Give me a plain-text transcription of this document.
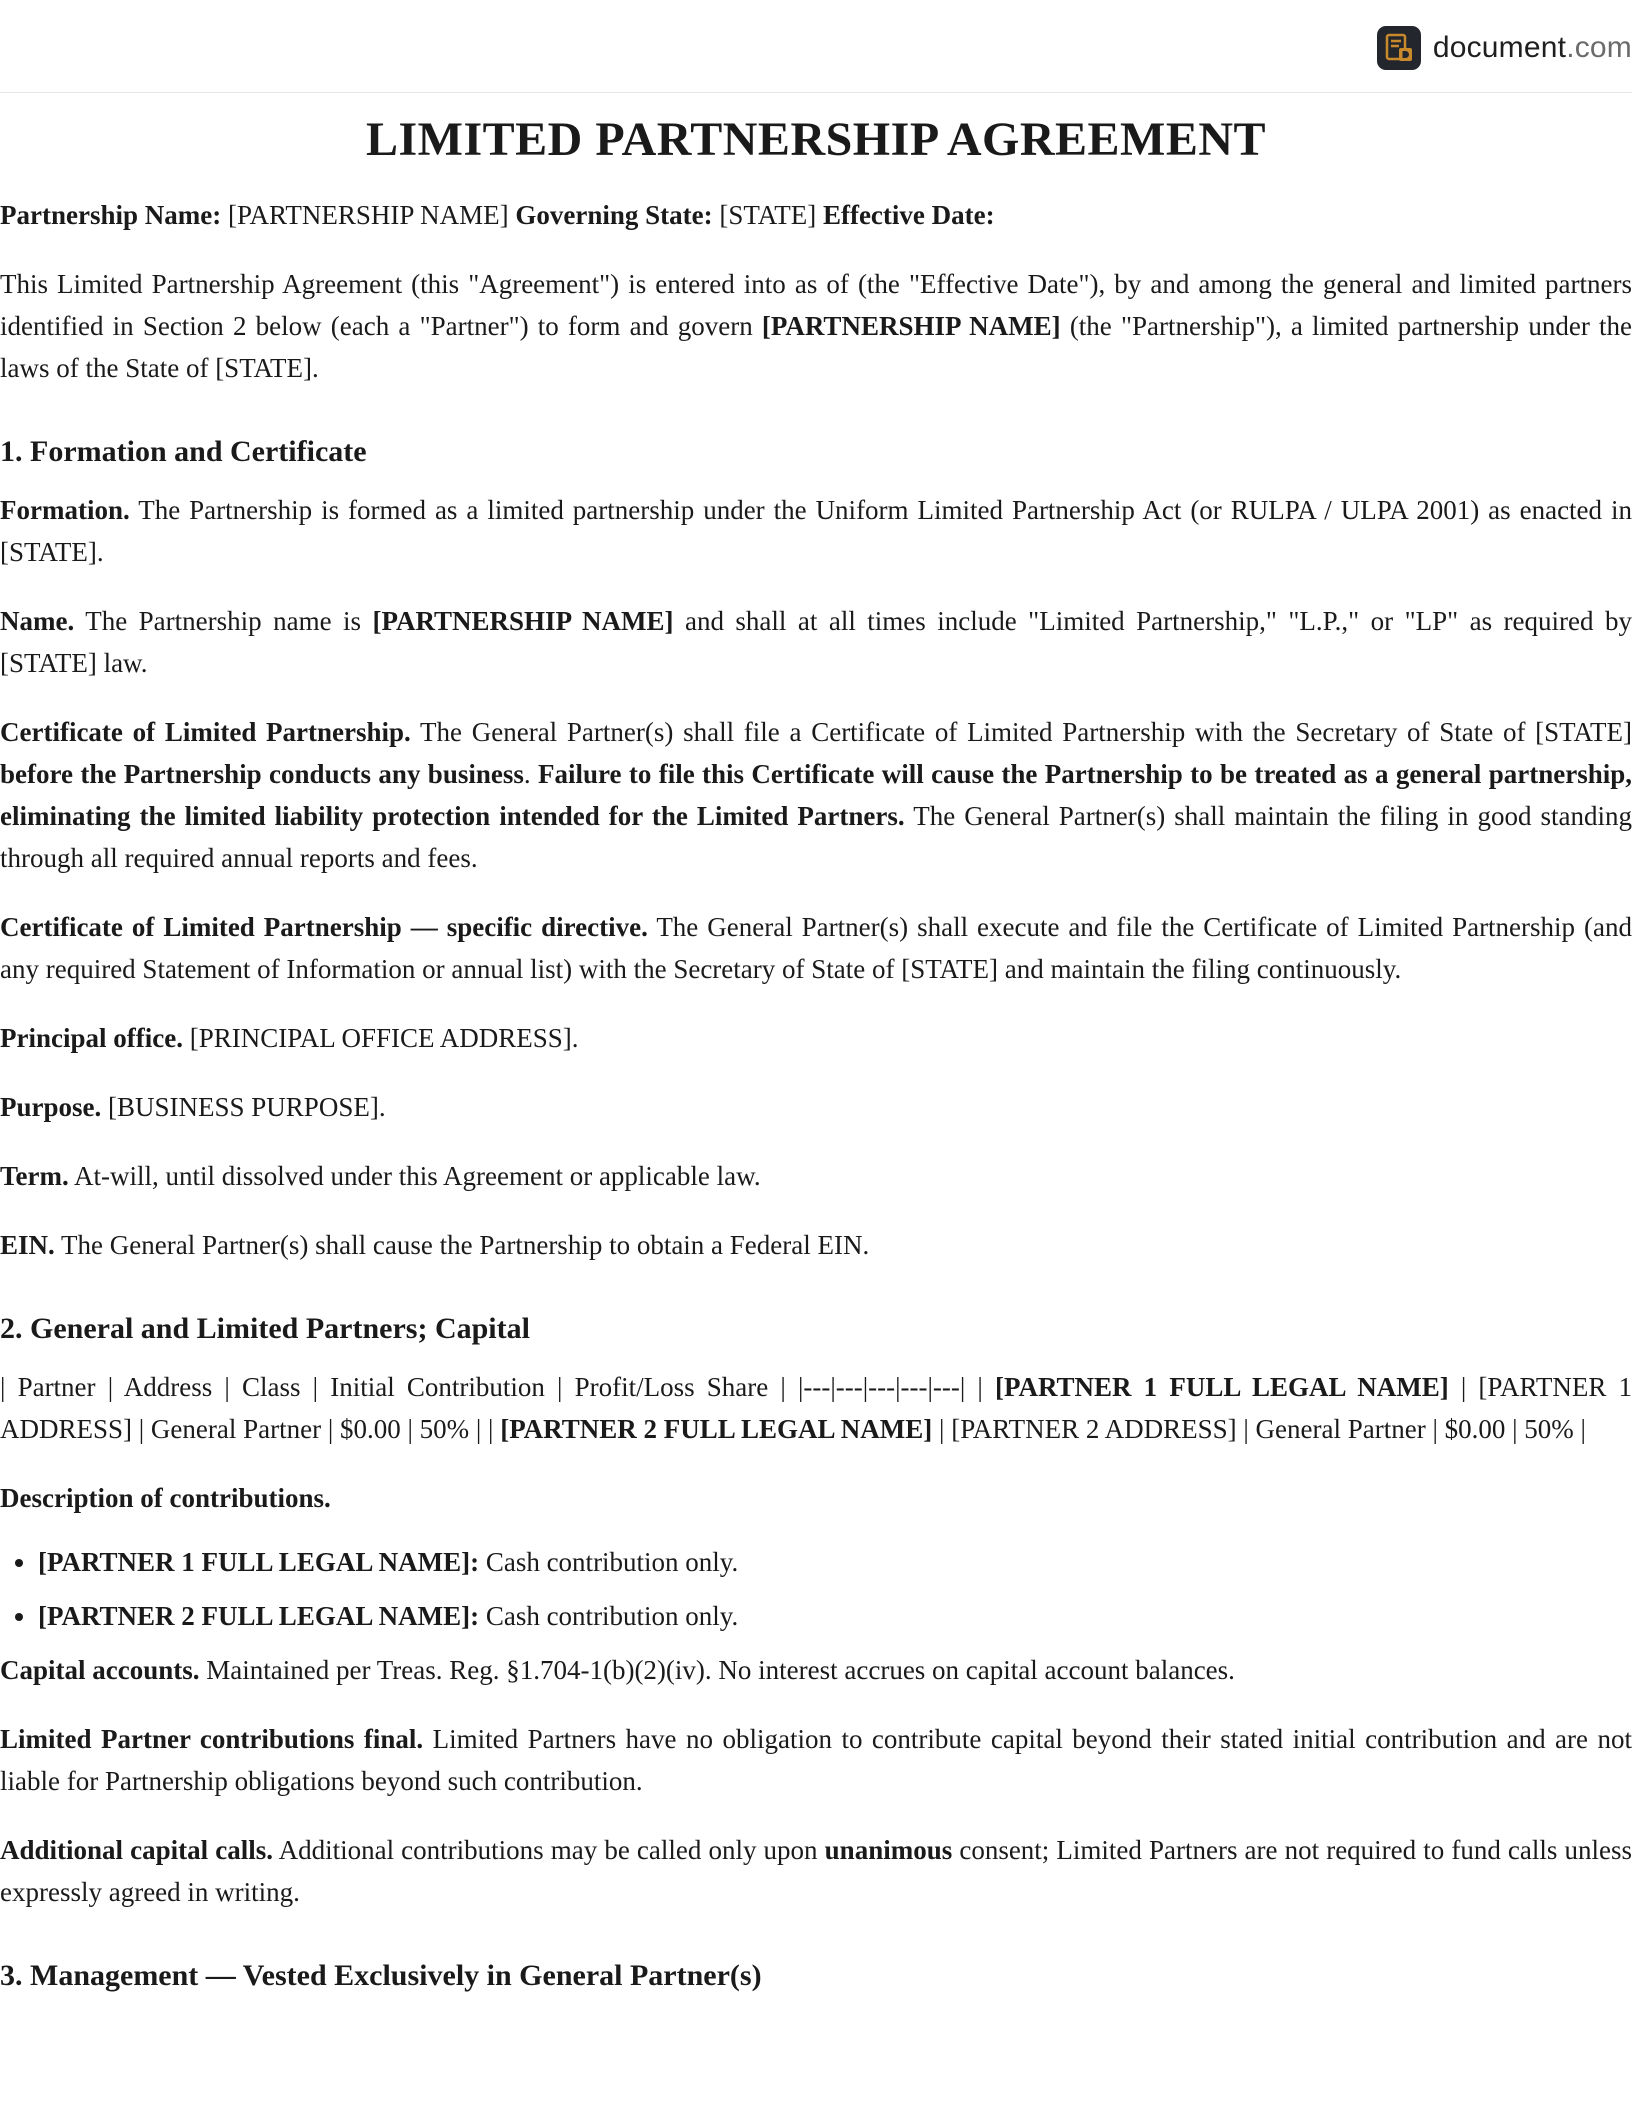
document.com
LIMITED PARTNERSHIP AGREEMENT

Partnership Name: [PARTNERSHIP NAME] Governing State: [STATE] Effective Date:

This Limited Partnership Agreement (this "Agreement") is entered into as of (the "Effective Date"), by and among the general and limited partners identified in Section 2 below (each a "Partner") to form and govern [PARTNERSHIP NAME] (the "Partnership"), a limited partnership under the laws of the State of [STATE].

1. Formation and Certificate

Formation. The Partnership is formed as a limited partnership under the Uniform Limited Partnership Act (or RULPA / ULPA 2001) as enacted in [STATE].

Name. The Partnership name is [PARTNERSHIP NAME] and shall at all times include "Limited Partnership," "L.P.," or "LP" as required by [STATE] law.

Certificate of Limited Partnership. The General Partner(s) shall file a Certificate of Limited Partnership with the Secretary of State of [STATE] before the Partnership conducts any business. Failure to file this Certificate will cause the Partnership to be treated as a general partnership, eliminating the limited liability protection intended for the Limited Partners. The General Partner(s) shall maintain the filing in good standing through all required annual reports and fees.

Certificate of Limited Partnership — specific directive. The General Partner(s) shall execute and file the Certificate of Limited Partnership (and any required Statement of Information or annual list) with the Secretary of State of [STATE] and maintain the filing continuously.

Principal office. [PRINCIPAL OFFICE ADDRESS].

Purpose. [BUSINESS PURPOSE].

Term. At-will, until dissolved under this Agreement or applicable law.

EIN. The General Partner(s) shall cause the Partnership to obtain a Federal EIN.

2. General and Limited Partners; Capital

| Partner | Address | Class | Initial Contribution | Profit/Loss Share | |---|---|---|---|---| | [PARTNER 1 FULL LEGAL NAME] | [PARTNER 1 ADDRESS] | General Partner | $0.00 | 50% | | [PARTNER 2 FULL LEGAL NAME] | [PARTNER 2 ADDRESS] | General Partner | $0.00 | 50% |

Description of contributions.

• [PARTNER 1 FULL LEGAL NAME]: Cash contribution only.
• [PARTNER 2 FULL LEGAL NAME]: Cash contribution only.

Capital accounts. Maintained per Treas. Reg. §1.704-1(b)(2)(iv). No interest accrues on capital account balances.

Limited Partner contributions final. Limited Partners have no obligation to contribute capital beyond their stated initial contribution and are not liable for Partnership obligations beyond such contribution.

Additional capital calls. Additional contributions may be called only upon unanimous consent; Limited Partners are not required to fund calls unless expressly agreed in writing.

3. Management — Vested Exclusively in General Partner(s)
